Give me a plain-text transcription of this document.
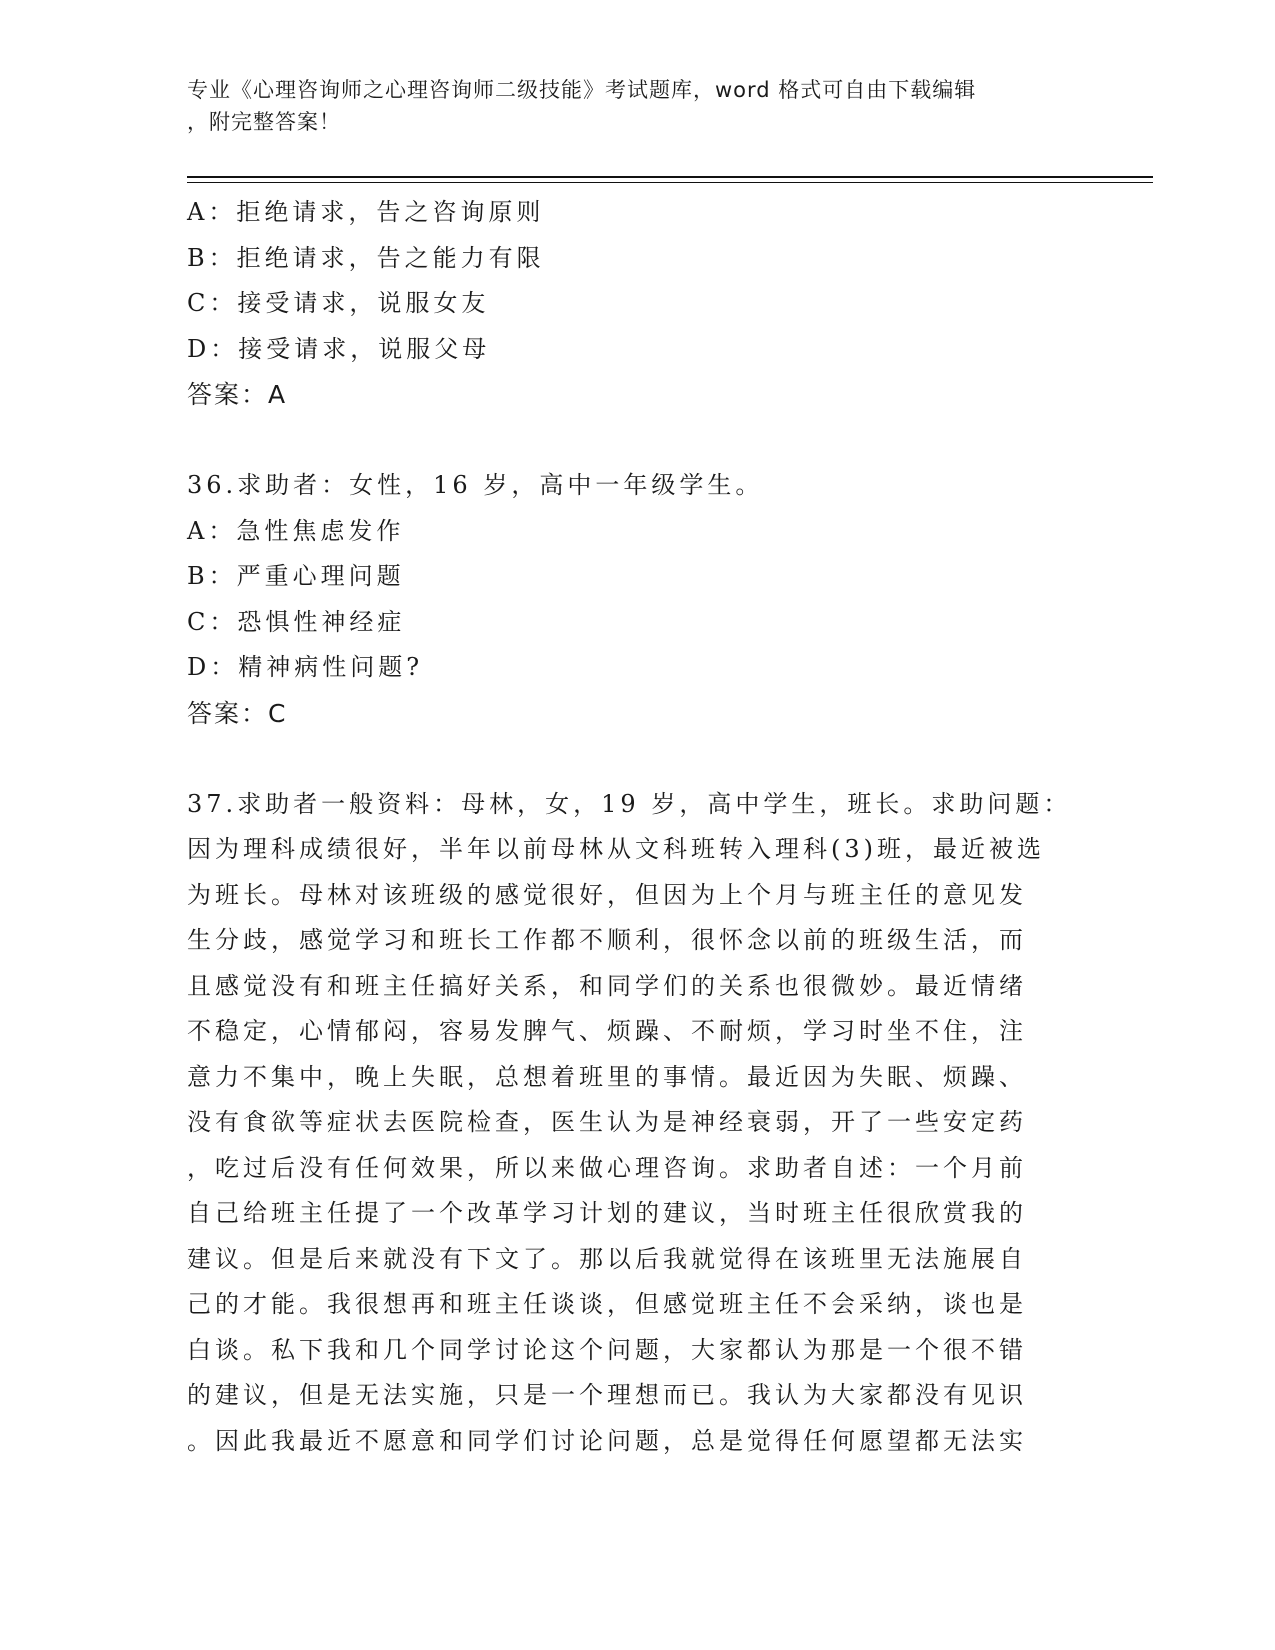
专业《心理咨询师之心理咨询师二级技能》考试题库，word 格式可自由下载编辑
，附完整答案！
A：拒绝请求，告之咨询原则
B：拒绝请求，告之能力有限
C：接受请求，说服女友
D：接受请求，说服父母
答案：A
36.求助者：女性，16 岁，高中一年级学生。
A：急性焦虑发作
B：严重心理问题
C：恐惧性神经症
D：精神病性问题?
答案：C
37.求助者一般资料：母林，女，19 岁，高中学生，班长。求助问题：
因为理科成绩很好，半年以前母林从文科班转入理科(3)班，最近被选
为班长。母林对该班级的感觉很好，但因为上个月与班主任的意见发
生分歧，感觉学习和班长工作都不顺利，很怀念以前的班级生活，而
且感觉没有和班主任搞好关系，和同学们的关系也很微妙。最近情绪
不稳定，心情郁闷，容易发脾气、烦躁、不耐烦，学习时坐不住，注
意力不集中，晚上失眠，总想着班里的事情。最近因为失眠、烦躁、
没有食欲等症状去医院检查，医生认为是神经衰弱，开了一些安定药
，吃过后没有任何效果，所以来做心理咨询。求助者自述：一个月前
自己给班主任提了一个改革学习计划的建议，当时班主任很欣赏我的
建议。但是后来就没有下文了。那以后我就觉得在该班里无法施展自
己的才能。我很想再和班主任谈谈，但感觉班主任不会采纳，谈也是
白谈。私下我和几个同学讨论这个问题，大家都认为那是一个很不错
的建议，但是无法实施，只是一个理想而已。我认为大家都没有见识
。因此我最近不愿意和同学们讨论问题，总是觉得任何愿望都无法实
